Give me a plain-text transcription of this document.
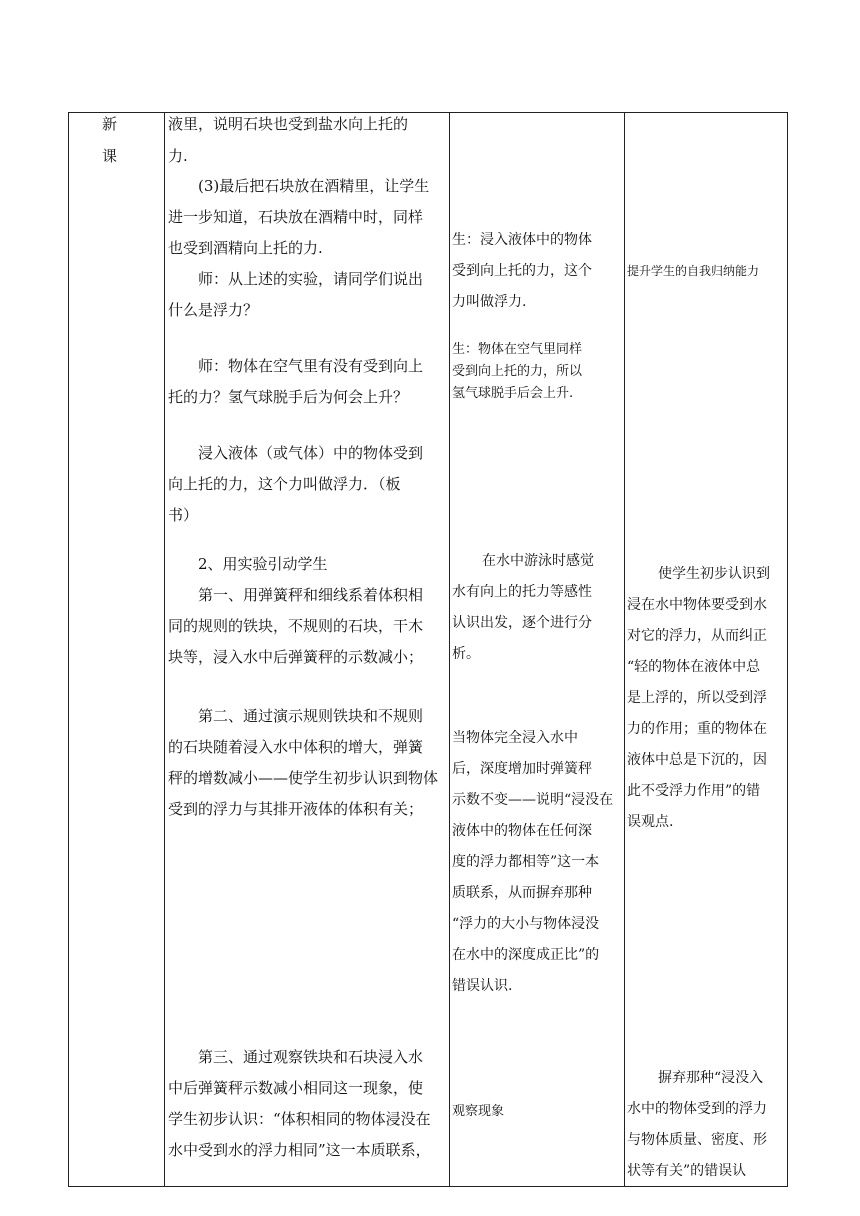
新
课
液里，说明石块也受到盐水向上托的
力.
(3)最后把石块放在酒精里，让学生
进一步知道，石块放在酒精中时，同样
也受到酒精向上托的力.
师：从上述的实验，请同学们说出
什么是浮力？
师：物体在空气里有没有受到向上
托的力？氢气球脱手后为何会上升？
浸入液体（或气体）中的物体受到
向上托的力，这个力叫做浮力．（板
书）
2、用实验引动学生
第一、用弹簧秤和细线系着体积相
同的规则的铁块，不规则的石块，干木
块等，浸入水中后弹簧秤的示数减小；
第二、通过演示规则铁块和不规则
的石块随着浸入水中体积的增大，弹簧
秤的增数减小——使学生初步认识到物体
受到的浮力与其排开液体的体积有关；
第三、通过观察铁块和石块浸入水
中后弹簧秤示数减小相同这一现象，使
学生初步认识：“体积相同的物体浸没在
水中受到水的浮力相同”这一本质联系，
生：浸入液体中的物体
受到向上托的力，这个
力叫做浮力.
生：物体在空气里同样
受到向上托的力，所以
氢气球脱手后会上升.
在水中游泳时感觉
水有向上的托力等感性
认识出发，逐个进行分
析。
当物体完全浸入水中
后，深度增加时弹簧秤
示数不变——说明“浸没在
液体中的物体在任何深
度的浮力都相等”这一本
质联系，从而摒弃那种
“浮力的大小与物体浸没
在水中的深度成正比”的
错误认识.
观察现象
提升学生的自我归纳能力
使学生初步认识到
浸在水中物体要受到水
对它的浮力，从而纠正
“轻的物体在液体中总
是上浮的，所以受到浮
力的作用；重的物体在
液体中总是下沉的，因
此不受浮力作用”的错
误观点.
摒弃那种“浸没入
水中的物体受到的浮力
与物体质量、密度、形
状等有关”的错误认
